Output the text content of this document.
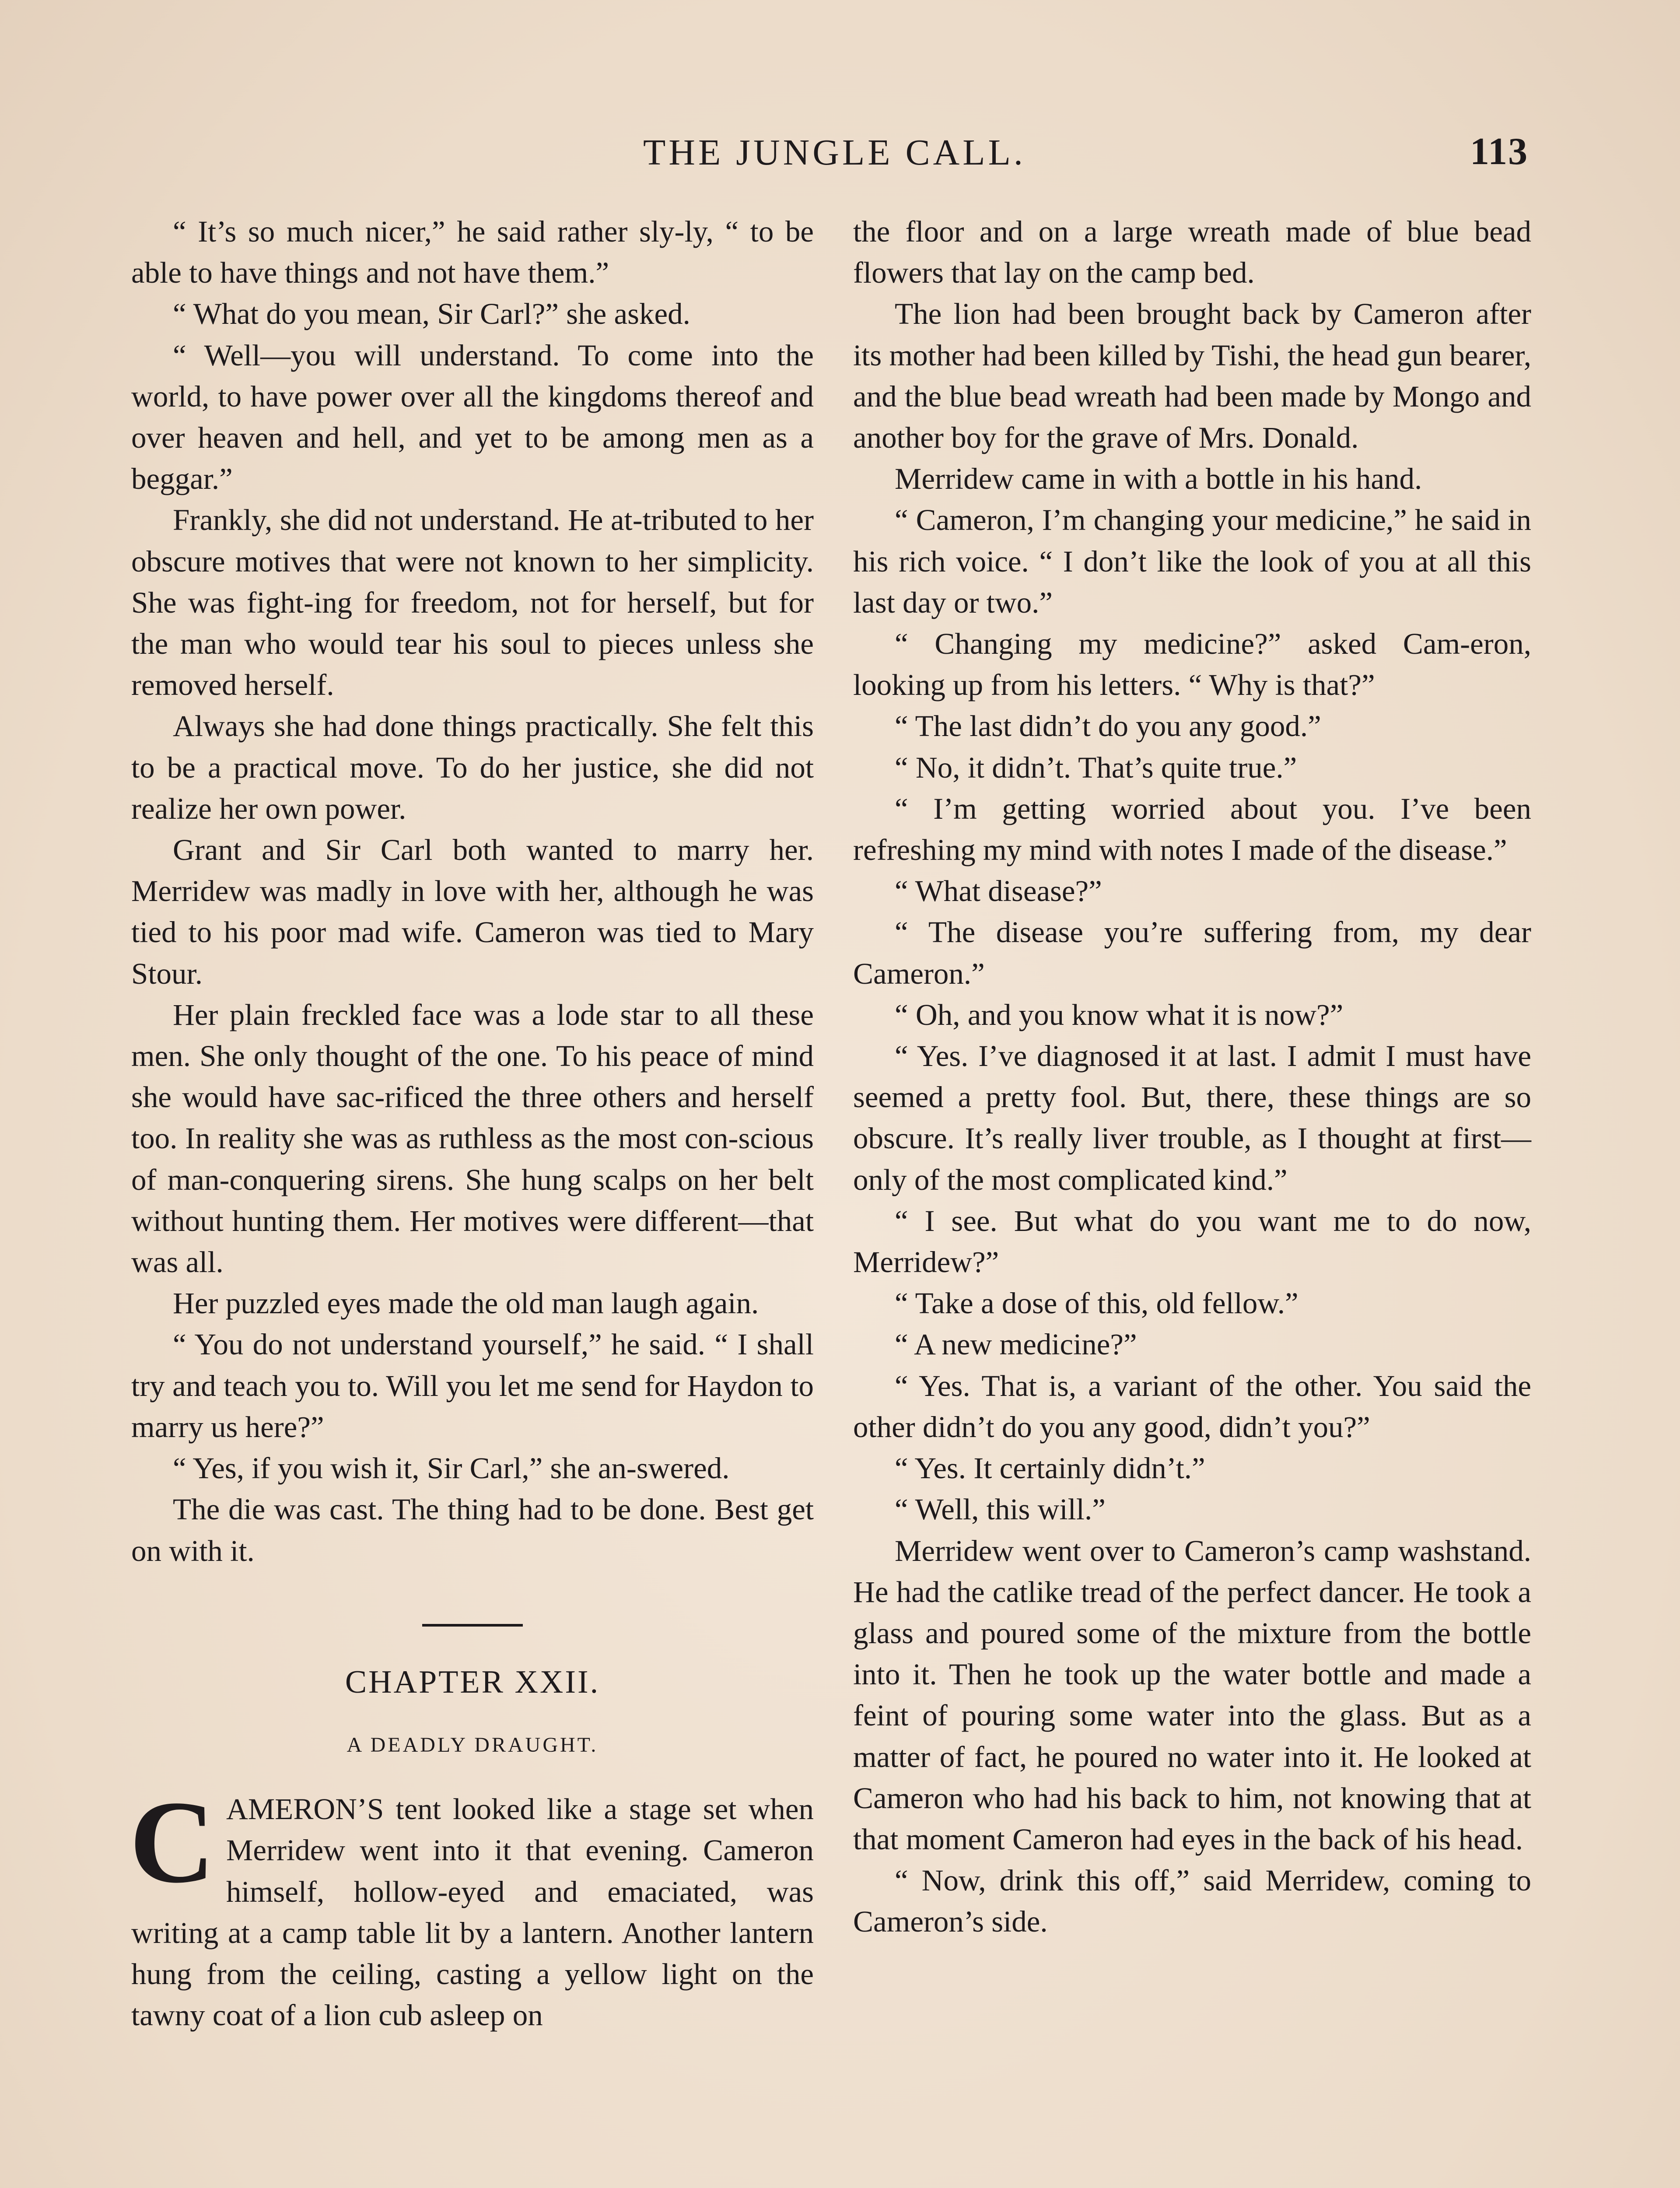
THE JUNGLE CALL.	113

“ It’s so much nicer,” he said rather sly-ly, “ to be able to have things and not have them.”

“ What do you mean, Sir Carl?” she asked.

“ Well—you will understand. To come into the world, to have power over all the kingdoms thereof and over heaven and hell, and yet to be among men as a beggar.”

Frankly, she did not understand. He at-tributed to her obscure motives that were not known to her simplicity. She was fight-ing for freedom, not for herself, but for the man who would tear his soul to pieces unless she removed herself.

Always she had done things practically. She felt this to be a practical move. To do her justice, she did not realize her own power.

Grant and Sir Carl both wanted to marry her. Merridew was madly in love with her, although he was tied to his poor mad wife. Cameron was tied to Mary Stour.

Her plain freckled face was a lode star to all these men. She only thought of the one. To his peace of mind she would have sac-rificed the three others and herself too. In reality she was as ruthless as the most con-scious of man-conquering sirens. She hung scalps on her belt without hunting them. Her motives were different—that was all.

Her puzzled eyes made the old man laugh again.

“ You do not understand yourself,” he said. “ I shall try and teach you to. Will you let me send for Haydon to marry us here?”

“ Yes, if you wish it, Sir Carl,” she an-swered.

The die was cast. The thing had to be done. Best get on with it.

CHAPTER XXII.
A DEADLY DRAUGHT.

CAMERON’S tent looked like a stage set when Merridew went into it that evening. Cameron himself, hollow-eyed and emaciated, was writing at a camp table lit by a lantern. Another lantern hung from the ceiling, casting a yellow light on the tawny coat of a lion cub asleep on

the floor and on a large wreath made of blue bead flowers that lay on the camp bed.

The lion had been brought back by Cameron after its mother had been killed by Tishi, the head gun bearer, and the blue bead wreath had been made by Mongo and another boy for the grave of Mrs. Donald.

Merridew came in with a bottle in his hand.

“ Cameron, I’m changing your medicine,” he said in his rich voice. “ I don’t like the look of you at all this last day or two.”

“ Changing my medicine?” asked Cam-eron, looking up from his letters. “ Why is that?”

“ The last didn’t do you any good.”

“ No, it didn’t. That’s quite true.”

“ I’m getting worried about you. I’ve been refreshing my mind with notes I made of the disease.”

“ What disease?”

“ The disease you’re suffering from, my dear Cameron.”

“ Oh, and you know what it is now?”

“ Yes. I’ve diagnosed it at last. I admit I must have seemed a pretty fool. But, there, these things are so obscure. It’s really liver trouble, as I thought at first—only of the most complicated kind.”

“ I see. But what do you want me to do now, Merridew?”

“ Take a dose of this, old fellow.”

“ A new medicine?”

“ Yes. That is, a variant of the other. You said the other didn’t do you any good, didn’t you?”

“ Yes. It certainly didn’t.”

“ Well, this will.”

Merridew went over to Cameron’s camp washstand. He had the catlike tread of the perfect dancer. He took a glass and poured some of the mixture from the bottle into it. Then he took up the water bottle and made a feint of pouring some water into the glass. But as a matter of fact, he poured no water into it. He looked at Cameron who had his back to him, not knowing that at that moment Cameron had eyes in the back of his head.

“ Now, drink this off,” said Merridew, coming to Cameron’s side.
